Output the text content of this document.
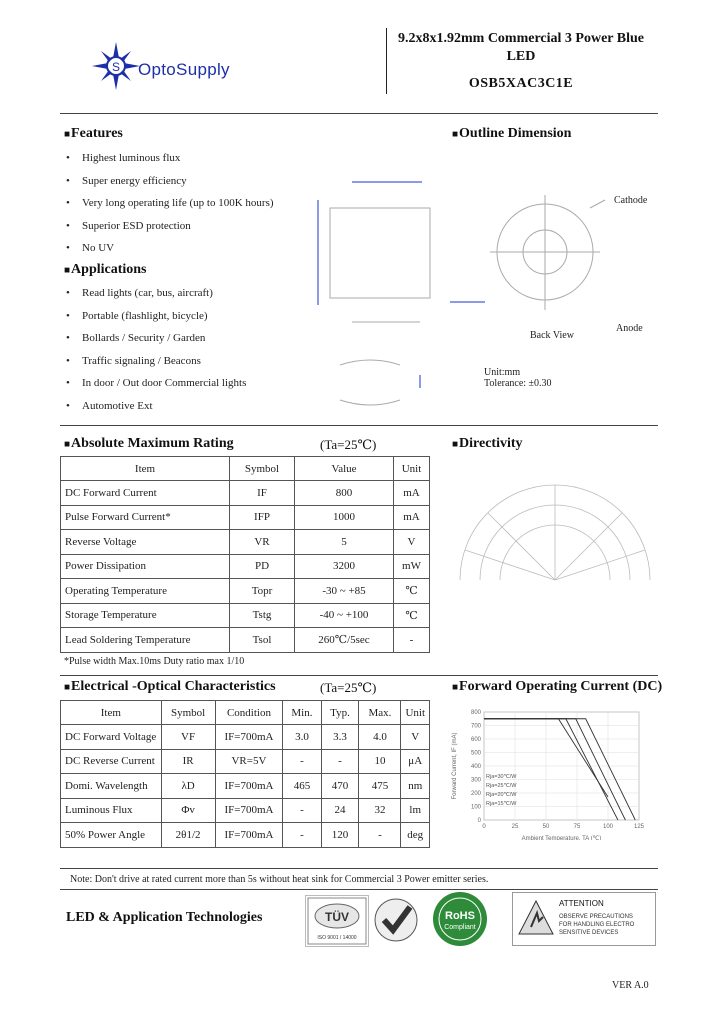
S OptoSupply
9.2x8x1.92mm Commercial 3 Power Blue
LED
OSB5XAC3C1E
■Features
• Highest luminous flux
• Super energy efficiency
• Very long operating life (up to 100K hours)
• Superior ESD protection
• No UV
■Applications
• Read lights (car, bus, aircraft)
• Portable (flashlight, bicycle)
• Bollards / Security / Garden
• Traffic signaling / Beacons
• In door / Out door Commercial lights
• Automotive Ext
■Outline Dimension
Cathode
Anode
Back View
Unit:mm
Tolerance: ±0.30
■Absolute Maximum Rating	(Ta=25℃)
Item	Symbol	Value	Unit
DC Forward Current	IF	800	mA
Pulse Forward Current*	IFP	1000	mA
Reverse Voltage	VR	5	V
Power Dissipation	PD	3200	mW
Operating Temperature	Topr	-30 ~ +85	℃
Storage Temperature	Tstg	-40 ~ +100	℃
Lead Soldering Temperature	Tsol	260℃/5sec	-
*Pulse width Max.10ms Duty ratio max 1/10
■Directivity
■Electrical -Optical Characteristics	(Ta=25℃)
Item	Symbol	Condition	Min.	Typ.	Max.	Unit
DC Forward Voltage	VF	IF=700mA	3.0	3.3	4.0	V
DC Reverse Current	IR	VR=5V	-	-	10	μA
Domi. Wavelength	λD	IF=700mA	465	470	475	nm
Luminous Flux	Φv	IF=700mA	-	24	32	lm
50% Power Angle	2θ1/2	IF=700mA	-	120	-	deg
■Forward Operating Current (DC)
0
100
200
300
400
500
600
700
800
0	25	50	75	100	125
Ambient Temperature, TA (℃)
Forward Current, IF (mA)	Rja=30℃/W
Rja=25℃/W
Rja=20℃/W
Rja=15℃/W
Note: Don't drive at rated current more than 5s without heat sink for Commercial 3 Power emitter series.
LED & Application Technologies	TÜV
ISO 9001 / 14000
RoHS
Compliant
ATTENTION
OBSERVE PRECAUTIONS
FOR HANDLING ELECTRO
SENSITIVE DEVICES
VER A.0
